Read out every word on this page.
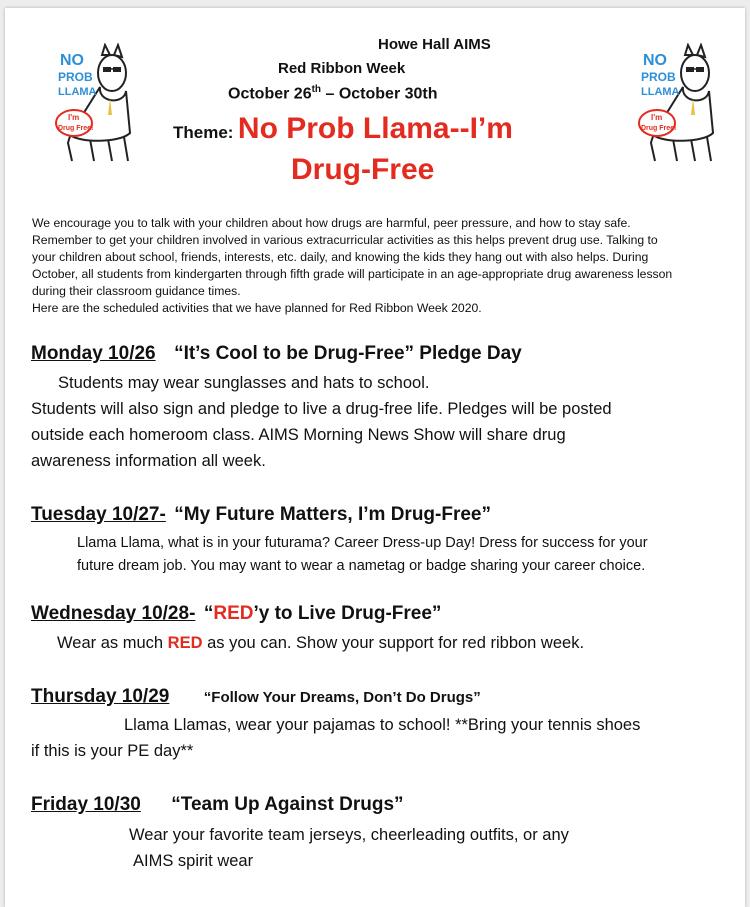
NO
PROB
LLAMA
I'm
Drug Free!
NO
PROB
LLAMA
I'm
Drug Free!
Howe Hall AIMS
Red Ribbon Week
October 26th – October 30th
Theme: No Prob Llama--I’m
Drug-Free
We encourage you to talk with your children about how drugs are harmful, peer pressure, and how to stay safe.
Remember to get your children involved in various extracurricular activities as this helps prevent drug use. Talking to
your children about school, friends, interests, etc. daily, and knowing the kids they hang out with also helps. During
October, all students from kindergarten through fifth grade will participate in an age-appropriate drug awareness lesson
during their classroom guidance times.
Here are the scheduled activities that we have planned for Red Ribbon Week 2020.
Monday 10/26 “It’s Cool to be Drug-Free” Pledge Day
Students may wear sunglasses and hats to school.
Students will also sign and pledge to live a drug-free life. Pledges will be posted
outside each homeroom class. AIMS Morning News Show will share drug
awareness information all week.
Tuesday 10/27- “My Future Matters, I’m Drug-Free”
Llama Llama, what is in your futurama? Career Dress-up Day! Dress for success for your
future dream job. You may want to wear a nametag or badge sharing your career choice.
Wednesday 10/28- “RED’y to Live Drug-Free”
Wear as much RED as you can. Show your support for red ribbon week.
Thursday 10/29 “Follow Your Dreams, Don’t Do Drugs”
Llama Llamas, wear your pajamas to school! **Bring your tennis shoes
if this is your PE day**
Friday 10/30 “Team Up Against Drugs”
Wear your favorite team jerseys, cheerleading outfits, or any
AIMS spirit wear
